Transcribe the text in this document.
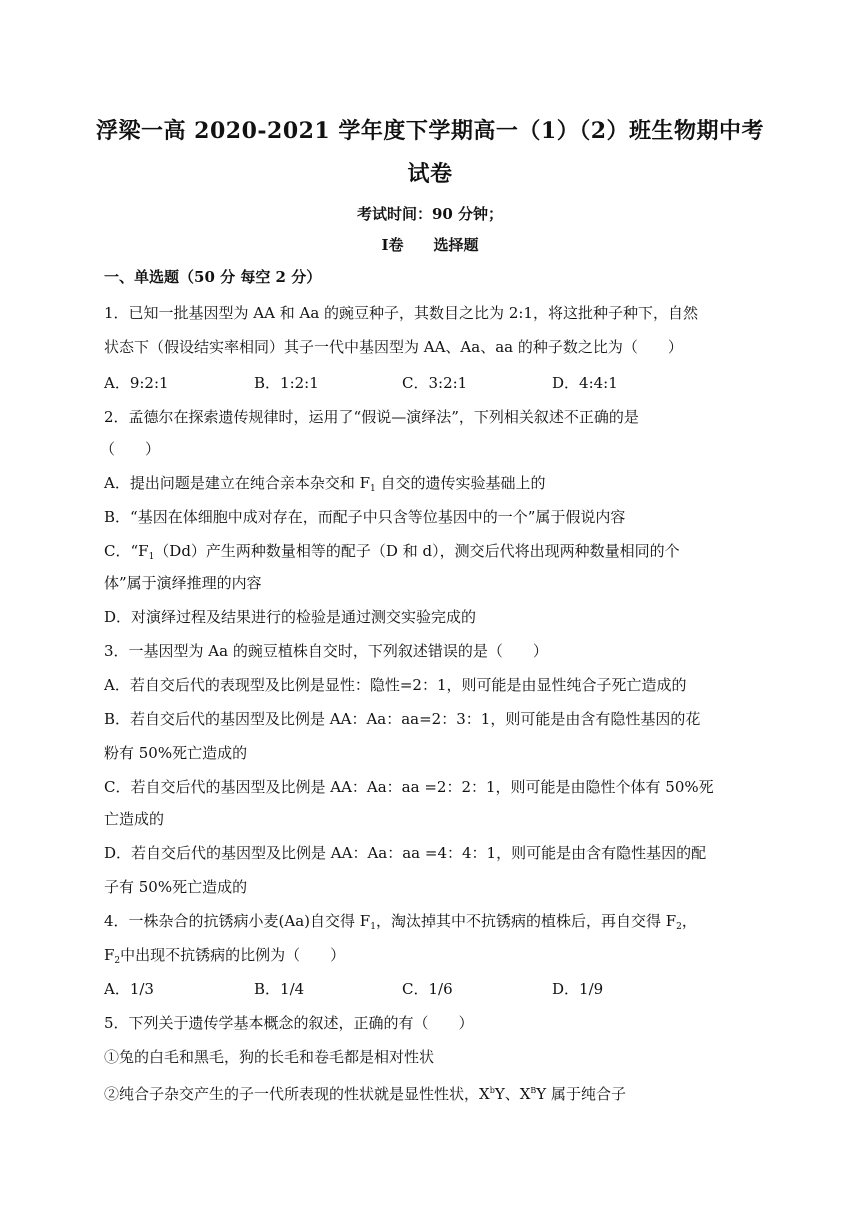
浮梁一高 2020-2021 学年度下学期高一（1）（2）班生物期中考
试卷
考试时间：90 分钟；
Ⅰ卷　　选择题
一、单选题（50 分 每空 2 分）
1．已知一批基因型为 AA 和 Aa 的豌豆种子，其数目之比为 2:1，将这批种子种下，自然
状态下（假设结实率相同）其子一代中基因型为 AA、Aa、aa 的种子数之比为（　　）
A．9:2:1	B．1:2:1	C．3:2:1	D．4:4:1
2．孟德尔在探索遗传规律时，运用了“假说—演绎法”，下列相关叙述不正确的是
（　　）
A．提出问题是建立在纯合亲本杂交和 $F_1$ 自交的遗传实验基础上的
B．“基因在体细胞中成对存在，而配子中只含等位基因中的一个”属于假说内容
C．“$F_1(Dd)$产生两种数量相等的配子（D 和 d），测交后代将出现两种数量相同的个
体”属于演绎推理的内容
D．对演绎过程及结果进行的检验是通过测交实验完成的
3．一基因型为 Aa 的豌豆植株自交时，下列叙述错误的是（　　）
A．若自交后代的表现型及比例是显性：隐性=2：1，则可能是由显性纯合子死亡造成的
B．若自交后代的基因型及比例是 AA：Aa：aa=2：3：1，则可能是由含有隐性基因的花
粉有 50%死亡造成的
C．若自交后代的基因型及比例是 AA：Aa：aa =2：2：1，则可能是由隐性个体有 50%死
亡造成的
D．若自交后代的基因型及比例是 AA：Aa：aa =4：4：1，则可能是由含有隐性基因的配
子有 50%死亡造成的
4．一株杂合的抗锈病小麦(Aa)自交得 $F_1$，淘汰掉其中不抗锈病的植株后，再自交得 $F_2$，
$F_2$中出现不抗锈病的比例为（　　）
A．1/3	B．1/4	C．1/6	D．1/9
5．下列关于遗传学基本概念的叙述，正确的有（　　）
①兔的白毛和黑毛，狗的长毛和卷毛都是相对性状
②纯合子杂交产生的子一代所表现的性状就是显性性状，$X^bY$、$X^BY$ 属于纯合子
